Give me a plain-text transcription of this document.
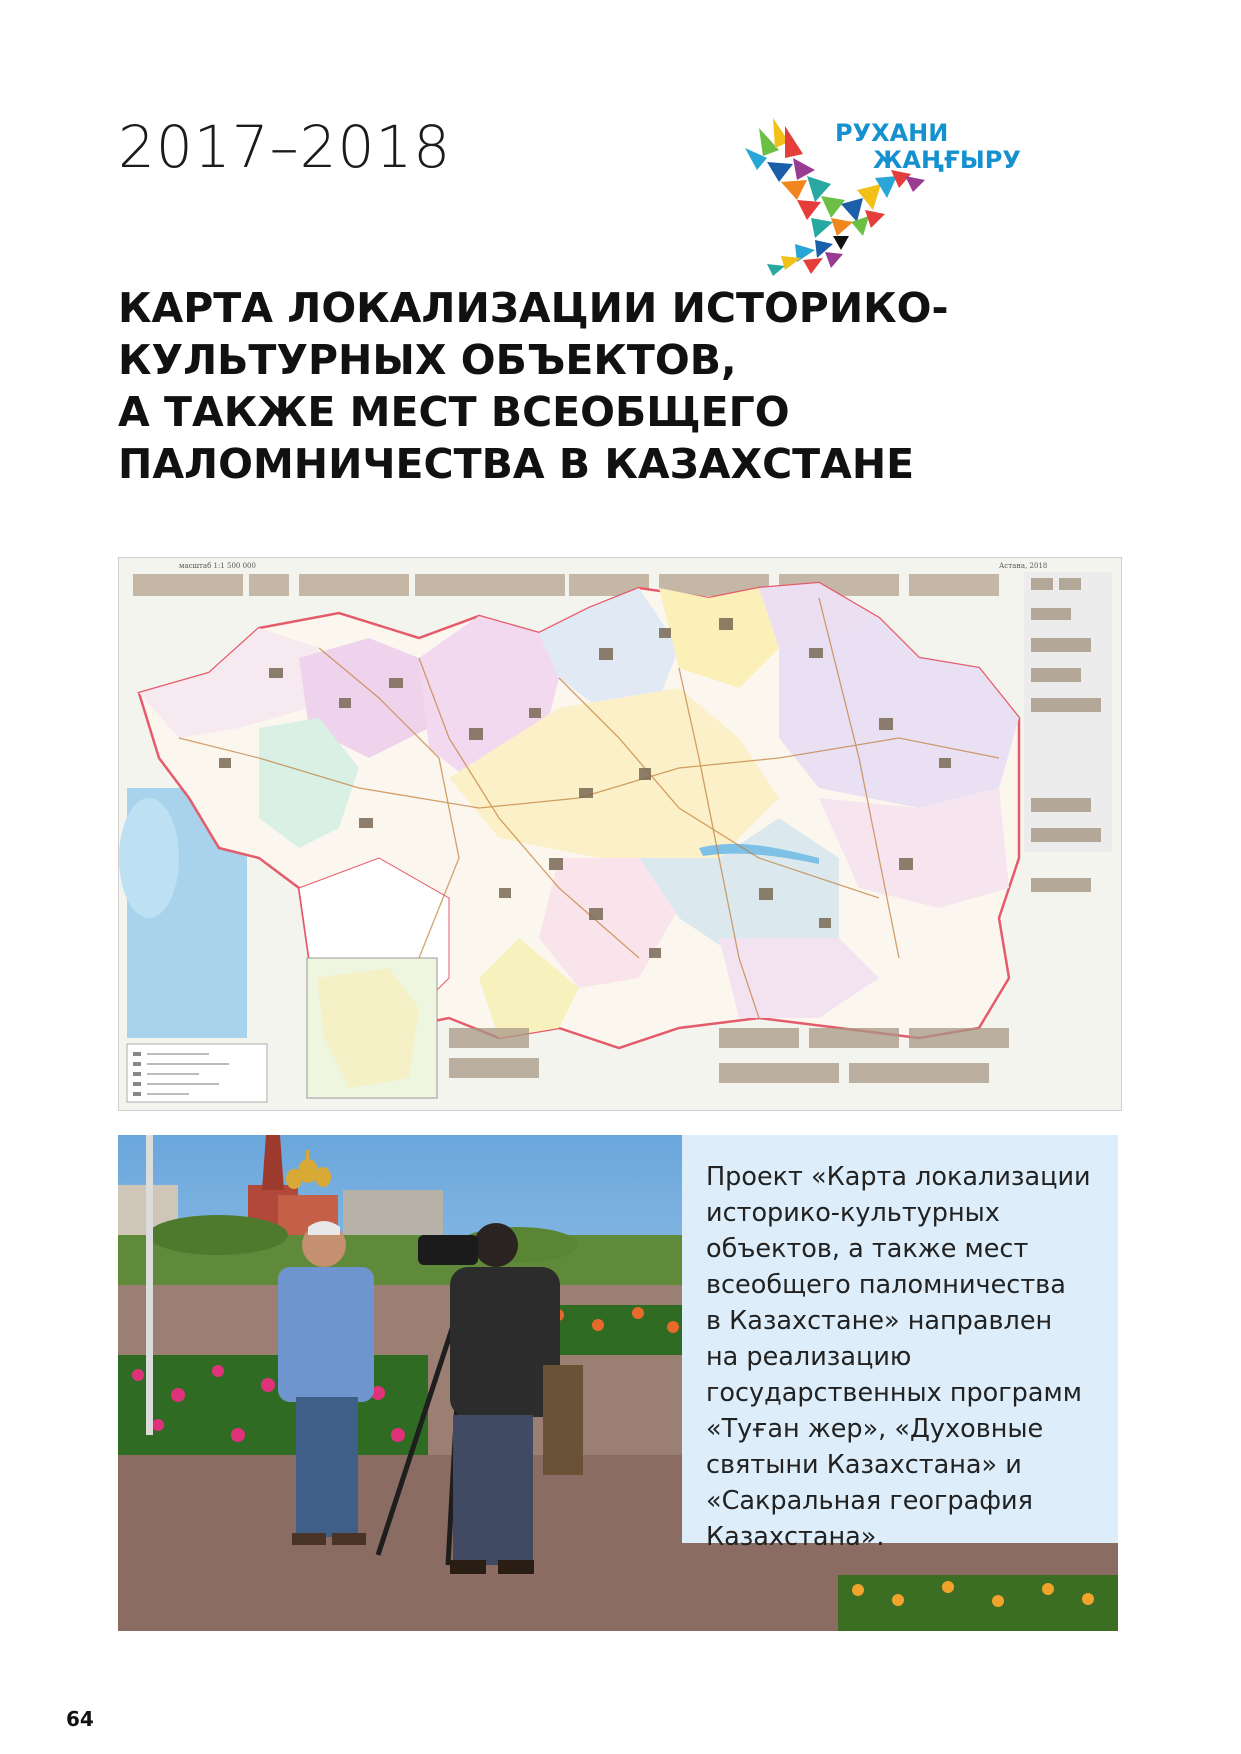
2017–2018	РУХАНИ
ЖАҢҒЫРУ
КАРТА ЛОКАЛИЗАЦИИ ИСТОРИКО-
КУЛЬТУРНЫХ ОБЪЕКТОВ,
А ТАКЖЕ МЕСТ ВСЕОБЩЕГО
ПАЛОМНИЧЕСТВА В КАЗАХСТАНЕ
масштаб 1:1 500 000	Астана, 2018
Проект «Карта локализации
историко-культурных
объектов, а также мест
всеобщего паломничества
в Казахстане» направлен
на реализацию
государственных программ
«Туған жер», «Духовные
святыни Казахстана» и
«Сакральная география
Казахстана».
64
